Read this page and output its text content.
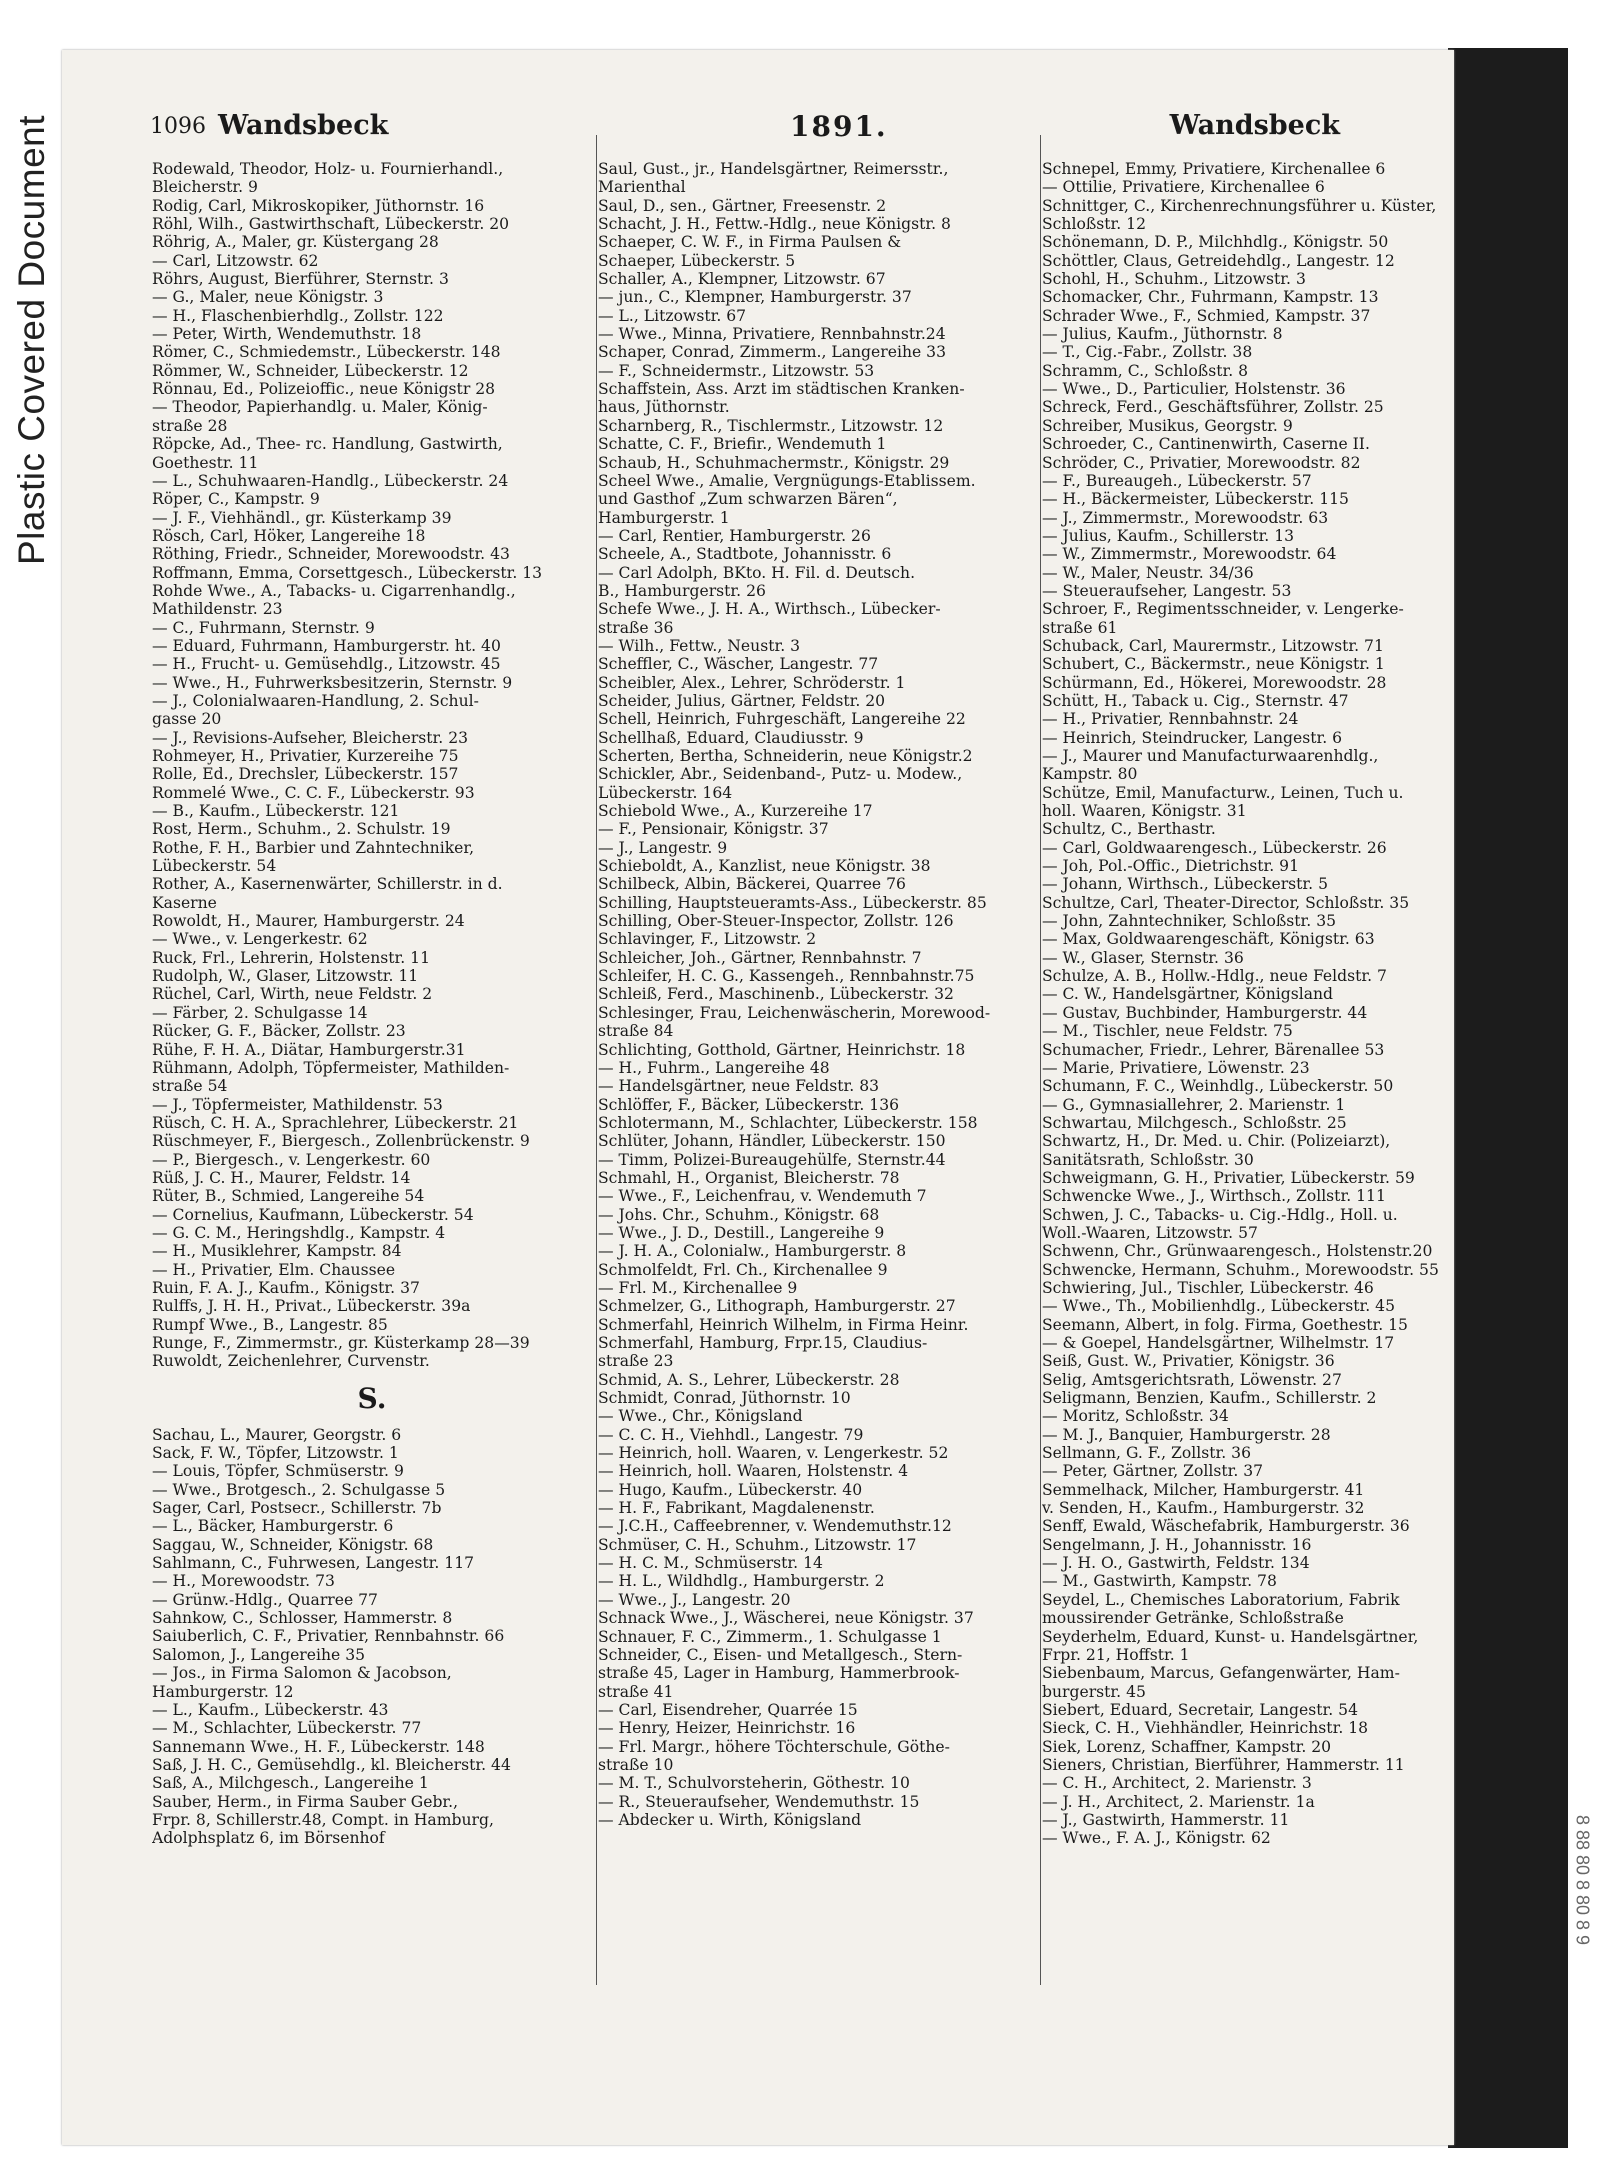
Plastic Covered Document	1096 Wandsbeck	1891.	Wandsbeck
Rodewald, Theodor, Holz- u. Fournierhandl.,
Bleicherstr. 9
Rodig, Carl, Mikroskopiker, Jüthornstr. 16
Röhl, Wilh., Gastwirthschaft, Lübeckerstr. 20
Röhrig, A., Maler, gr. Küstergang 28
— Carl, Litzowstr. 62
Röhrs, August, Bierführer, Sternstr. 3
— G., Maler, neue Königstr. 3
— H., Flaschenbierhdlg., Zollstr. 122
— Peter, Wirth, Wendemuthstr. 18
Römer, C., Schmiedemstr., Lübeckerstr. 148
Römmer, W., Schneider, Lübeckerstr. 12
Rönnau, Ed., Polizeioffic., neue Königstr 28
— Theodor, Papierhandlg. u. Maler, König-
straße 28
Röpcke, Ad., Thee- rc. Handlung, Gastwirth,
Goethestr. 11
— L., Schuhwaaren-Handlg., Lübeckerstr. 24
Röper, C., Kampstr. 9
— J. F., Viehhändl., gr. Küsterkamp 39
Rösch, Carl, Höker, Langereihe 18
Röthing, Friedr., Schneider, Morewoodstr. 43
Roffmann, Emma, Corsettgesch., Lübeckerstr. 13
Rohde Wwe., A., Tabacks- u. Cigarrenhandlg.,
Mathildenstr. 23
— C., Fuhrmann, Sternstr. 9
— Eduard, Fuhrmann, Hamburgerstr. ht. 40
— H., Frucht- u. Gemüsehdlg., Litzowstr. 45
— Wwe., H., Fuhrwerksbesitzerin, Sternstr. 9
— J., Colonialwaaren-Handlung, 2. Schul-
gasse 20
— J., Revisions-Aufseher, Bleicherstr. 23
Rohmeyer, H., Privatier, Kurzereihe 75
Rolle, Ed., Drechsler, Lübeckerstr. 157
Rommelé Wwe., C. C. F., Lübeckerstr. 93
— B., Kaufm., Lübeckerstr. 121
Rost, Herm., Schuhm., 2. Schulstr. 19
Rothe, F. H., Barbier und Zahntechniker,
Lübeckerstr. 54
Rother, A., Kasernenwärter, Schillerstr. in d.
Kaserne
Rowoldt, H., Maurer, Hamburgerstr. 24
— Wwe., v. Lengerkestr. 62
Ruck, Frl., Lehrerin, Holstenstr. 11
Rudolph, W., Glaser, Litzowstr. 11
Rüchel, Carl, Wirth, neue Feldstr. 2
— Färber, 2. Schulgasse 14
Rücker, G. F., Bäcker, Zollstr. 23
Rühe, F. H. A., Diätar, Hamburgerstr.31
Rühmann, Adolph, Töpfermeister, Mathilden-
straße 54
— J., Töpfermeister, Mathildenstr. 53
Rüsch, C. H. A., Sprachlehrer, Lübeckerstr. 21
Rüschmeyer, F., Biergesch., Zollenbrückenstr. 9
— P., Biergesch., v. Lengerkestr. 60
Rüß, J. C. H., Maurer, Feldstr. 14
Rüter, B., Schmied, Langereihe 54
— Cornelius, Kaufmann, Lübeckerstr. 54
— G. C. M., Heringshdlg., Kampstr. 4
— H., Musiklehrer, Kampstr. 84
— H., Privatier, Elm. Chaussee
Ruin, F. A. J., Kaufm., Königstr. 37
Rulffs, J. H. H., Privat., Lübeckerstr. 39a
Rumpf Wwe., B., Langestr. 85
Runge, F., Zimmermstr., gr. Küsterkamp 28—39
Ruwoldt, Zeichenlehrer, Curvenstr.
S.
Sachau, L., Maurer, Georgstr. 6
Sack, F. W., Töpfer, Litzowstr. 1
— Louis, Töpfer, Schmüserstr. 9
— Wwe., Brotgesch., 2. Schulgasse 5
Sager, Carl, Postsecr., Schillerstr. 7b
— L., Bäcker, Hamburgerstr. 6
Saggau, W., Schneider, Königstr. 68
Sahlmann, C., Fuhrwesen, Langestr. 117
— H., Morewoodstr. 73
— Grünw.-Hdlg., Quarree 77
Sahnkow, C., Schlosser, Hammerstr. 8
Saiuberlich, C. F., Privatier, Rennbahnstr. 66
Salomon, J., Langereihe 35
— Jos., in Firma Salomon & Jacobson,
Hamburgerstr. 12
— L., Kaufm., Lübeckerstr. 43
— M., Schlachter, Lübeckerstr. 77
Sannemann Wwe., H. F., Lübeckerstr. 148
Saß, J. H. C., Gemüsehdlg., kl. Bleicherstr. 44
Saß, A., Milchgesch., Langereihe 1
Sauber, Herm., in Firma Sauber Gebr.,
Frpr. 8, Schillerstr.48, Compt. in Hamburg,
Adolphsplatz 6, im Börsenhof
Saul, Gust., jr., Handelsgärtner, Reimersstr.,
Marienthal
Saul, D., sen., Gärtner, Freesenstr. 2
Schacht, J. H., Fettw.-Hdlg., neue Königstr. 8
Schaeper, C. W. F., in Firma Paulsen &
Schaeper, Lübeckerstr. 5
Schaller, A., Klempner, Litzowstr. 67
— jun., C., Klempner, Hamburgerstr. 37
— L., Litzowstr. 67
— Wwe., Minna, Privatiere, Rennbahnstr.24
Schaper, Conrad, Zimmerm., Langereihe 33
— F., Schneidermstr., Litzowstr. 53
Schaffstein, Ass. Arzt im städtischen Kranken-
haus, Jüthornstr.
Scharnberg, R., Tischlermstr., Litzowstr. 12
Schatte, C. F., Briefir., Wendemuth 1
Schaub, H., Schuhmachermstr., Königstr. 29
Scheel Wwe., Amalie, Vergnügungs-Etablissem.
und Gasthof „Zum schwarzen Bären“,
Hamburgerstr. 1
— Carl, Rentier, Hamburgerstr. 26
Scheele, A., Stadtbote, Johannisstr. 6
— Carl Adolph, BKto. H. Fil. d. Deutsch.
B., Hamburgerstr. 26
Schefe Wwe., J. H. A., Wirthsch., Lübecker-
straße 36
— Wilh., Fettw., Neustr. 3
Scheffler, C., Wäscher, Langestr. 77
Scheibler, Alex., Lehrer, Schröderstr. 1
Scheider, Julius, Gärtner, Feldstr. 20
Schell, Heinrich, Fuhrgeschäft, Langereihe 22
Schellhaß, Eduard, Claudiusstr. 9
Scherten, Bertha, Schneiderin, neue Königstr.2
Schickler, Abr., Seidenband-, Putz- u. Modew.,
Lübeckerstr. 164
Schiebold Wwe., A., Kurzereihe 17
— F., Pensionair, Königstr. 37
— J., Langestr. 9
Schieboldt, A., Kanzlist, neue Königstr. 38
Schilbeck, Albin, Bäckerei, Quarree 76
Schilling, Hauptsteueramts-Ass., Lübeckerstr. 85
Schilling, Ober-Steuer-Inspector, Zollstr. 126
Schlavinger, F., Litzowstr. 2
Schleicher, Joh., Gärtner, Rennbahnstr. 7
Schleifer, H. C. G., Kassengeh., Rennbahnstr.75
Schleiß, Ferd., Maschinenb., Lübeckerstr. 32
Schlesinger, Frau, Leichenwäscherin, Morewood-
straße 84
Schlichting, Gotthold, Gärtner, Heinrichstr. 18
— H., Fuhrm., Langereihe 48
— Handelsgärtner, neue Feldstr. 83
Schlöffer, F., Bäcker, Lübeckerstr. 136
Schlotermann, M., Schlachter, Lübeckerstr. 158
Schlüter, Johann, Händler, Lübeckerstr. 150
— Timm, Polizei-Bureaugehülfe, Sternstr.44
Schmahl, H., Organist, Bleicherstr. 78
— Wwe., F., Leichenfrau, v. Wendemuth 7
— Johs. Chr., Schuhm., Königstr. 68
— Wwe., J. D., Destill., Langereihe 9
— J. H. A., Colonialw., Hamburgerstr. 8
Schmolfeldt, Frl. Ch., Kirchenallee 9
— Frl. M., Kirchenallee 9
Schmelzer, G., Lithograph, Hamburgerstr. 27
Schmerfahl, Heinrich Wilhelm, in Firma Heinr.
Schmerfahl, Hamburg, Frpr.15, Claudius-
straße 23
Schmid, A. S., Lehrer, Lübeckerstr. 28
Schmidt, Conrad, Jüthornstr. 10
— Wwe., Chr., Königsland
— C. C. H., Viehhdl., Langestr. 79
— Heinrich, holl. Waaren, v. Lengerkestr. 52
— Heinrich, holl. Waaren, Holstenstr. 4
— Hugo, Kaufm., Lübeckerstr. 40
— H. F., Fabrikant, Magdalenenstr.
— J.C.H., Caffeebrenner, v. Wendemuthstr.12
Schmüser, C. H., Schuhm., Litzowstr. 17
— H. C. M., Schmüserstr. 14
— H. L., Wildhdlg., Hamburgerstr. 2
— Wwe., J., Langestr. 20
Schnack Wwe., J., Wäscherei, neue Königstr. 37
Schnauer, F. C., Zimmerm., 1. Schulgasse 1
Schneider, C., Eisen- und Metallgesch., Stern-
straße 45, Lager in Hamburg, Hammerbrook-
straße 41
— Carl, Eisendreher, Quarrée 15
— Henry, Heizer, Heinrichstr. 16
— Frl. Margr., höhere Töchterschule, Göthe-
straße 10
— M. T., Schulvorsteherin, Göthestr. 10
— R., Steueraufseher, Wendemuthstr. 15
— Abdecker u. Wirth, Königsland
Schnepel, Emmy, Privatiere, Kirchenallee 6
— Ottilie, Privatiere, Kirchenallee 6
Schnittger, C., Kirchenrechnungsführer u. Küster,
Schloßstr. 12
Schönemann, D. P., Milchhdlg., Königstr. 50
Schöttler, Claus, Getreidehdlg., Langestr. 12
Schohl, H., Schuhm., Litzowstr. 3
Schomacker, Chr., Fuhrmann, Kampstr. 13
Schrader Wwe., F., Schmied, Kampstr. 37
— Julius, Kaufm., Jüthornstr. 8
— T., Cig.-Fabr., Zollstr. 38
Schramm, C., Schloßstr. 8
— Wwe., D., Particulier, Holstenstr. 36
Schreck, Ferd., Geschäftsführer, Zollstr. 25
Schreiber, Musikus, Georgstr. 9
Schroeder, C., Cantinenwirth, Caserne II.
Schröder, C., Privatier, Morewoodstr. 82
— F., Bureaugeh., Lübeckerstr. 57
— H., Bäckermeister, Lübeckerstr. 115
— J., Zimmermstr., Morewoodstr. 63
— Julius, Kaufm., Schillerstr. 13
— W., Zimmermstr., Morewoodstr. 64
— W., Maler, Neustr. 34/36
— Steueraufseher, Langestr. 53
Schroer, F., Regimentsschneider, v. Lengerke-
straße 61
Schuback, Carl, Maurermstr., Litzowstr. 71
Schubert, C., Bäckermstr., neue Königstr. 1
Schürmann, Ed., Hökerei, Morewoodstr. 28
Schütt, H., Taback u. Cig., Sternstr. 47
— H., Privatier, Rennbahnstr. 24
— Heinrich, Steindrucker, Langestr. 6
— J., Maurer und Manufacturwaarenhdlg.,
Kampstr. 80
Schütze, Emil, Manufacturw., Leinen, Tuch u.
holl. Waaren, Königstr. 31
Schultz, C., Berthastr.
— Carl, Goldwaarengesch., Lübeckerstr. 26
— Joh, Pol.-Offic., Dietrichstr. 91
— Johann, Wirthsch., Lübeckerstr. 5
Schultze, Carl, Theater-Director, Schloßstr. 35
— John, Zahntechniker, Schloßstr. 35
— Max, Goldwaarengeschäft, Königstr. 63
— W., Glaser, Sternstr. 36
Schulze, A. B., Hollw.-Hdlg., neue Feldstr. 7
— C. W., Handelsgärtner, Königsland
— Gustav, Buchbinder, Hamburgerstr. 44
— M., Tischler, neue Feldstr. 75
Schumacher, Friedr., Lehrer, Bärenallee 53
— Marie, Privatiere, Löwenstr. 23
Schumann, F. C., Weinhdlg., Lübeckerstr. 50
— G., Gymnasiallehrer, 2. Marienstr. 1
Schwartau, Milchgesch., Schloßstr. 25
Schwartz, H., Dr. Med. u. Chir. (Polizeiarzt),
Sanitätsrath, Schloßstr. 30
Schweigmann, G. H., Privatier, Lübeckerstr. 59
Schwencke Wwe., J., Wirthsch., Zollstr. 111
Schwen, J. C., Tabacks- u. Cig.-Hdlg., Holl. u.
Woll.-Waaren, Litzowstr. 57
Schwenn, Chr., Grünwaarengesch., Holstenstr.20
Schwencke, Hermann, Schuhm., Morewoodstr. 55
Schwiering, Jul., Tischler, Lübeckerstr. 46
— Wwe., Th., Mobilienhdlg., Lübeckerstr. 45
Seemann, Albert, in folg. Firma, Goethestr. 15
— & Goepel, Handelsgärtner, Wilhelmstr. 17
Seiß, Gust. W., Privatier, Königstr. 36
Selig, Amtsgerichtsrath, Löwenstr. 27
Seligmann, Benzien, Kaufm., Schillerstr. 2
— Moritz, Schloßstr. 34
— M. J., Banquier, Hamburgerstr. 28
Sellmann, G. F., Zollstr. 36
— Peter, Gärtner, Zollstr. 37
Semmelhack, Milcher, Hamburgerstr. 41
v. Senden, H., Kaufm., Hamburgerstr. 32
Senff, Ewald, Wäschefabrik, Hamburgerstr. 36
Sengelmann, J. H., Johannisstr. 16
— J. H. O., Gastwirth, Feldstr. 134
— M., Gastwirth, Kampstr. 78
Seydel, L., Chemisches Laboratorium, Fabrik
moussirender Getränke, Schloßstraße
Seyderhelm, Eduard, Kunst- u. Handelsgärtner,
Frpr. 21, Hoffstr. 1
Siebenbaum, Marcus, Gefangenwärter, Ham-
burgerstr. 45
Siebert, Eduard, Secretair, Langestr. 54
Sieck, C. H., Viehhändler, Heinrichstr. 18
Siek, Lorenz, Schaffner, Kampstr. 20
Sieners, Christian, Bierführer, Hammerstr. 11
— C. H., Architect, 2. Marienstr. 3
— J. H., Architect, 2. Marienstr. 1a
— J., Gastwirth, Hammerstr. 11
— Wwe., F. A. J., Königstr. 62	8 88 80 8 80 8 9
